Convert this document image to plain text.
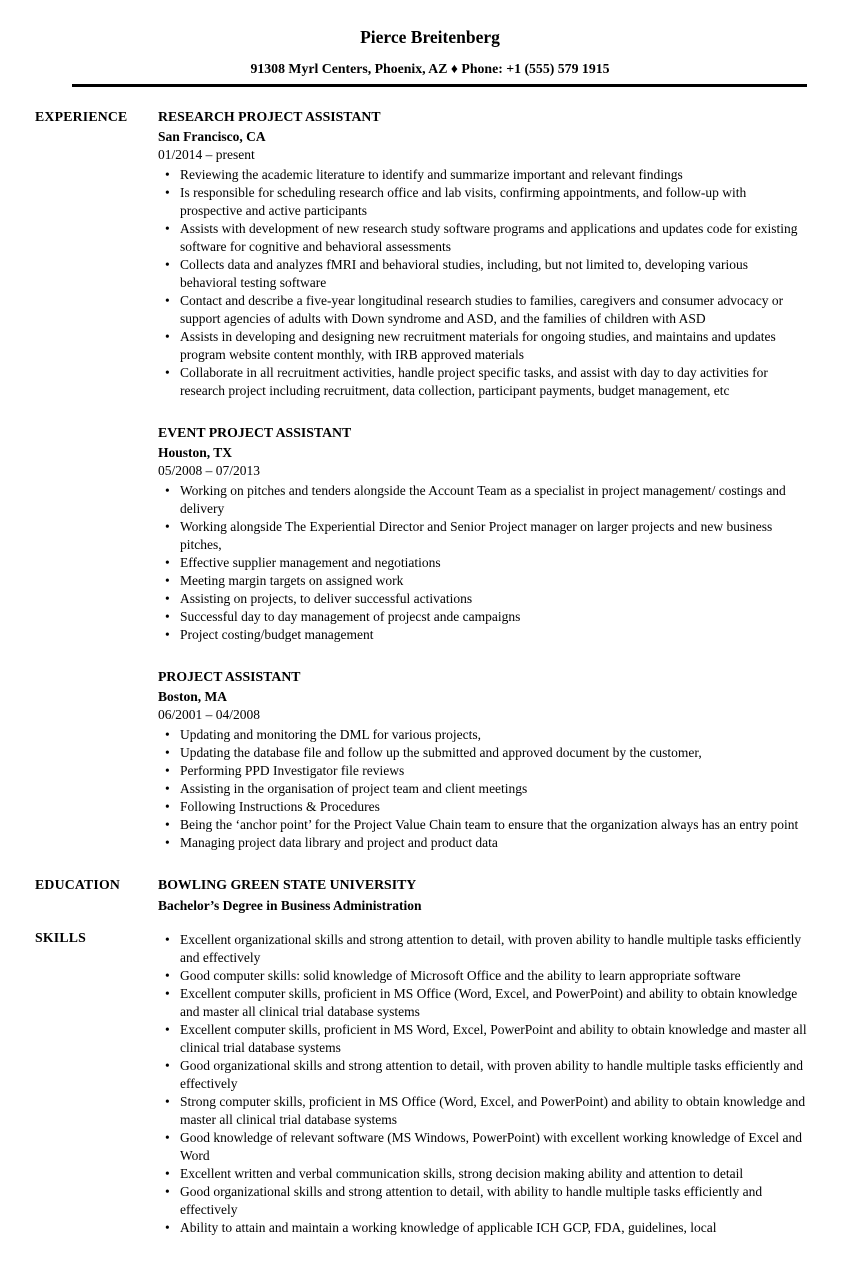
Pierce Breitenberg
91308 Myrl Centers, Phoenix, AZ ♦ Phone: +1 (555) 579 1915
EXPERIENCE	RESEARCH PROJECT ASSISTANT
San Francisco, CA
01/2014 – present
• Reviewing the academic literature to identify and summarize important and relevant findings
• Is responsible for scheduling research office and lab visits, confirming appointments, and follow-up with prospective and active participants
• Assists with development of new research study software programs and applications and updates code for existing software for cognitive and behavioral assessments
• Collects data and analyzes fMRI and behavioral studies, including, but not limited to, developing various behavioral testing software
• Contact and describe a five-year longitudinal research studies to families, caregivers and consumer advocacy or support agencies of adults with Down syndrome and ASD, and the families of children with ASD
• Assists in developing and designing new recruitment materials for ongoing studies, and maintains and updates program website content monthly, with IRB approved materials
• Collaborate in all recruitment activities, handle project specific tasks, and assist with day to day activities for research project including recruitment, data collection, participant payments, budget management, etc
EVENT PROJECT ASSISTANT
Houston, TX
05/2008 – 07/2013
• Working on pitches and tenders alongside the Account Team as a specialist in project management/ costings and delivery
• Working alongside The Experiential Director and Senior Project manager on larger projects and new business pitches,
• Effective supplier management and negotiations
• Meeting margin targets on assigned work
• Assisting on projects, to deliver successful activations
• Successful day to day management of projecst ande campaigns
• Project costing/budget management
PROJECT ASSISTANT
Boston, MA
06/2001 – 04/2008
• Updating and monitoring the DML for various projects,
• Updating the database file and follow up the submitted and approved document by the customer,
• Performing PPD Investigator file reviews
• Assisting in the organisation of project team and client meetings
• Following Instructions & Procedures
• Being the ‘anchor point’ for the Project Value Chain team to ensure that the organization always has an entry point
• Managing project data library and project and product data
EDUCATION	BOWLING GREEN STATE UNIVERSITY
Bachelor’s Degree in Business Administration
SKILLS	• Excellent organizational skills and strong attention to detail, with proven ability to handle multiple tasks efficiently and effectively
• Good computer skills: solid knowledge of Microsoft Office and the ability to learn appropriate software
• Excellent computer skills, proficient in MS Office (Word, Excel, and PowerPoint) and ability to obtain knowledge and master all clinical trial database systems
• Excellent computer skills, proficient in MS Word, Excel, PowerPoint and ability to obtain knowledge and master all clinical trial database systems
• Good organizational skills and strong attention to detail, with proven ability to handle multiple tasks efficiently and effectively
• Strong computer skills, proficient in MS Office (Word, Excel, and PowerPoint) and ability to obtain knowledge and master all clinical trial database systems
• Good knowledge of relevant software (MS Windows, PowerPoint) with excellent working knowledge of Excel and Word
• Excellent written and verbal communication skills, strong decision making ability and attention to detail
• Good organizational skills and strong attention to detail, with ability to handle multiple tasks efficiently and effectively
• Ability to attain and maintain a working knowledge of applicable ICH GCP, FDA, guidelines, local
